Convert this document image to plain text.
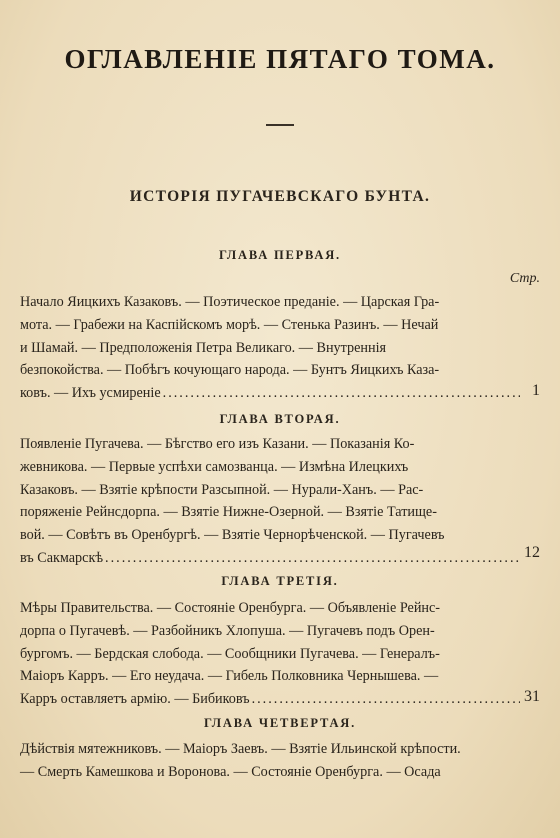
ОГЛАВЛЕНІЕ ПЯТАГО ТОМА.
ИСТОРІЯ ПУГАЧЕВСКАГО БУНТА.
ГЛАВА ПЕРВАЯ.
Стр.
Начало Яицкихъ Казаковъ. — Поэтическое преданіе. — Царская Гра-
мота. — Грабежи на Каспійскомъ морѣ. — Стенька Разинъ. — Нечай
и Шамай. — Предположенія Петра Великаго. — Внутреннія
безпокойства. — Побѣгъ кочующаго народа. — Бунтъ Яицкихъ Каза-
ковъ. — Ихъ усмиреніе .....	1
ГЛАВА ВТОРАЯ.
Появленіе Пугачева. — Бѣгство его изъ Казани. — Показанія Ко-
жевникова. — Первые успѣхи самозванца. — Измѣна Илецкихъ
Казаковъ. — Взятіе крѣпости Разсыпной. — Нурали-Ханъ. — Рас-
поряженіе Рейнсдорпа. — Взятіе Нижне-Озерной. — Взятіе Татище-
вой. — Совѣтъ въ Оренбургѣ. — Взятіе Чернорѣченской. — Пугачевъ
въ Сакмарскѣ .....	12
ГЛАВА ТРЕТІЯ.
Мѣры Правительства. — Состояніе Оренбурга. — Объявленіе Рейнс-
дорпа о Пугачевѣ. — Разбойникъ Хлопуша. — Пугачевъ подъ Орен-
бургомъ. — Бердская слобода. — Сообщники Пугачева. — Генералъ-
Маіоръ Карръ. — Его неудача. — Гибель Полковника Чернышева. —
Карръ оставляетъ армію. — Бибиковъ .....	31
ГЛАВА ЧЕТВЕРТАЯ.
Дѣйствія мятежниковъ. — Маіоръ Заевъ. — Взятіе Ильинской крѣпости.
— Смерть Камешкова и Воронова. — Состояніе Оренбурга. — Осада
